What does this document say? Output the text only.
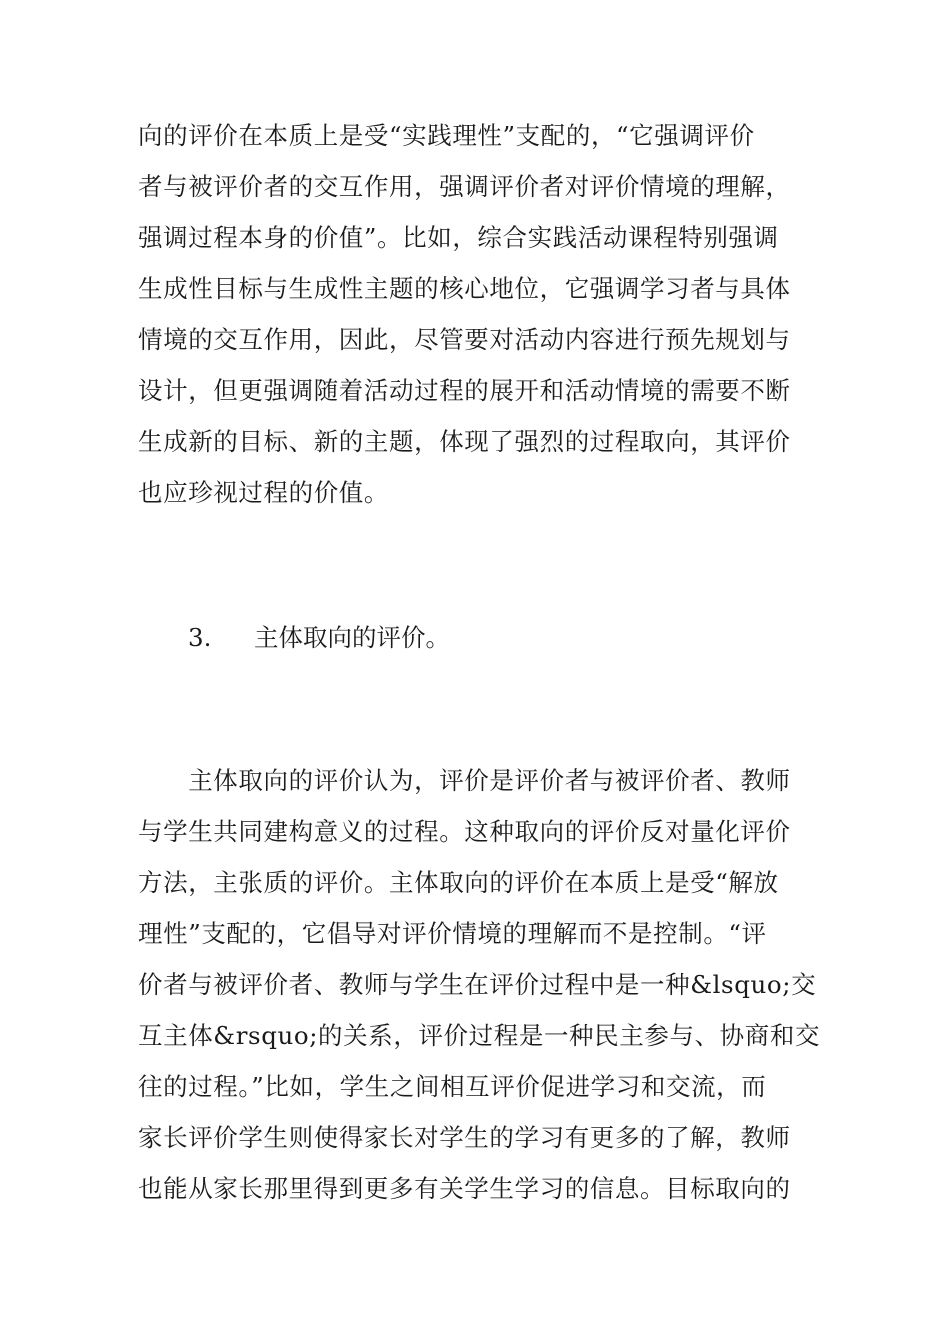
向的评价在本质上是受“实践理性”支配的，“它强调评价
者与被评价者的交互作用，强调评价者对评价情境的理解，
强调过程本身的价值”。比如，综合实践活动课程特别强调
生成性目标与生成性主题的核心地位，它强调学习者与具体
情境的交互作用，因此，尽管要对活动内容进行预先规划与
设计，但更强调随着活动过程的展开和活动情境的需要不断
生成新的目标、新的主题，体现了强烈的过程取向，其评价
也应珍视过程的价值。

3. 主体取向的评价。

　　主体取向的评价认为，评价是评价者与被评价者、教师
与学生共同建构意义的过程。这种取向的评价反对量化评价
方法，主张质的评价。主体取向的评价在本质上是受“解放
理性”支配的，它倡导对评价情境的理解而不是控制。“评
价者与被评价者、教师与学生在评价过程中是一种&lsquo;交
互主体&rsquo;的关系，评价过程是一种民主参与、协商和交
往的过程。”比如，学生之间相互评价促进学习和交流，而
家长评价学生则使得家长对学生的学习有更多的了解，教师
也能从家长那里得到更多有关学生学习的信息。目标取向的
